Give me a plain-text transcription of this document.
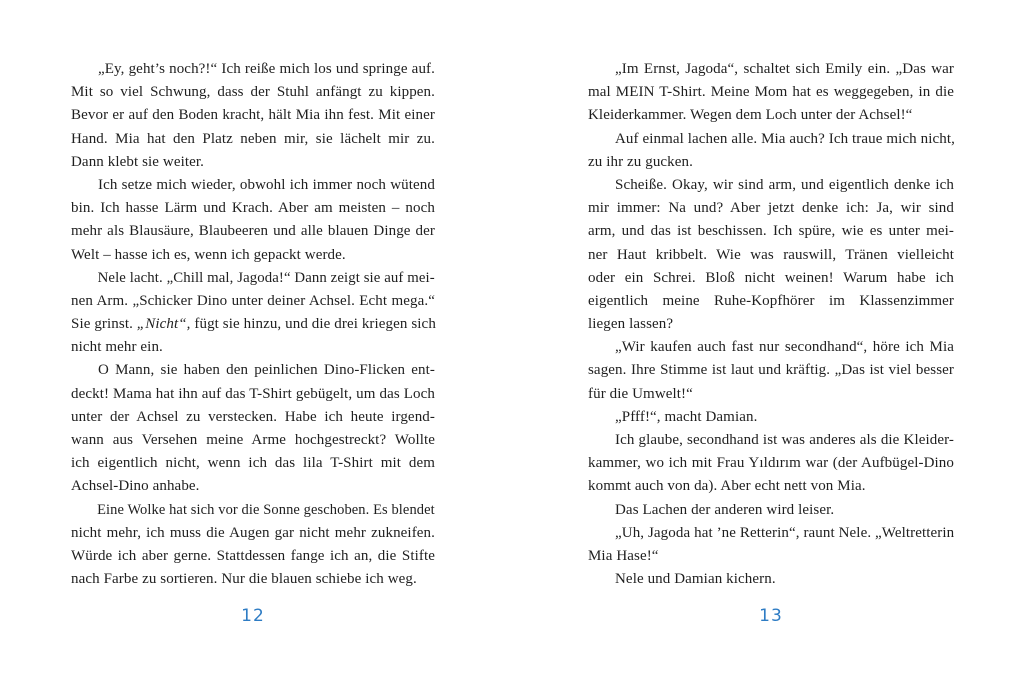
„Ey, geht’s noch?!“ Ich reiße mich los und springe auf.
Mit so viel Schwung, dass der Stuhl anfängt zu kippen.
Bevor er auf den Boden kracht, hält Mia ihn fest. Mit einer
Hand. Mia hat den Platz neben mir, sie lächelt mir zu.
Dann klebt sie weiter.
Ich setze mich wieder, obwohl ich immer noch wütend
bin. Ich hasse Lärm und Krach. Aber am meisten – noch
mehr als Blausäure, Blaubeeren und alle blauen Dinge der
Welt – hasse ich es, wenn ich gepackt werde.
Nele lacht. „Chill mal, Jagoda!“ Dann zeigt sie auf mei-
nen Arm. „Schicker Dino unter deiner Achsel. Echt mega.“
Sie grinst. „Nicht“, fügt sie hinzu, und die drei kriegen sich
nicht mehr ein.
O Mann, sie haben den peinlichen Dino-Flicken ent-
deckt! Mama hat ihn auf das T-Shirt gebügelt, um das Loch
unter der Achsel zu verstecken. Habe ich heute irgend-
wann aus Versehen meine Arme hochgestreckt? Wollte
ich eigentlich nicht, wenn ich das lila T-Shirt mit dem
Achsel-Dino anhabe.
Eine Wolke hat sich vor die Sonne geschoben. Es blendet
nicht mehr, ich muss die Augen gar nicht mehr zukneifen.
Würde ich aber gerne. Stattdessen fange ich an, die Stifte
nach Farbe zu sortieren. Nur die blauen schiebe ich weg.
12
„Im Ernst, Jagoda“, schaltet sich Emily ein. „Das war
mal MEIN T-Shirt. Meine Mom hat es weggegeben, in die
Kleiderkammer. Wegen dem Loch unter der Achsel!“
Auf einmal lachen alle. Mia auch? Ich traue mich nicht,
zu ihr zu gucken.
Scheiße. Okay, wir sind arm, und eigentlich denke ich
mir immer: Na und? Aber jetzt denke ich: Ja, wir sind
arm, und das ist beschissen. Ich spüre, wie es unter mei-
ner Haut kribbelt. Wie was rauswill, Tränen vielleicht
oder ein Schrei. Bloß nicht weinen! Warum habe ich
eigentlich meine Ruhe-Kopfhörer im Klassenzimmer
liegen lassen?
„Wir kaufen auch fast nur secondhand“, höre ich Mia
sagen. Ihre Stimme ist laut und kräftig. „Das ist viel besser
für die Umwelt!“
„Pfff!“, macht Damian.
Ich glaube, secondhand ist was anderes als die Kleider-
kammer, wo ich mit Frau Yıldırım war (der Aufbügel-Dino
kommt auch von da). Aber echt nett von Mia.
Das Lachen der anderen wird leiser.
„Uh, Jagoda hat ’ne Retterin“, raunt Nele. „Weltretterin
Mia Hase!“
Nele und Damian kichern.
13
